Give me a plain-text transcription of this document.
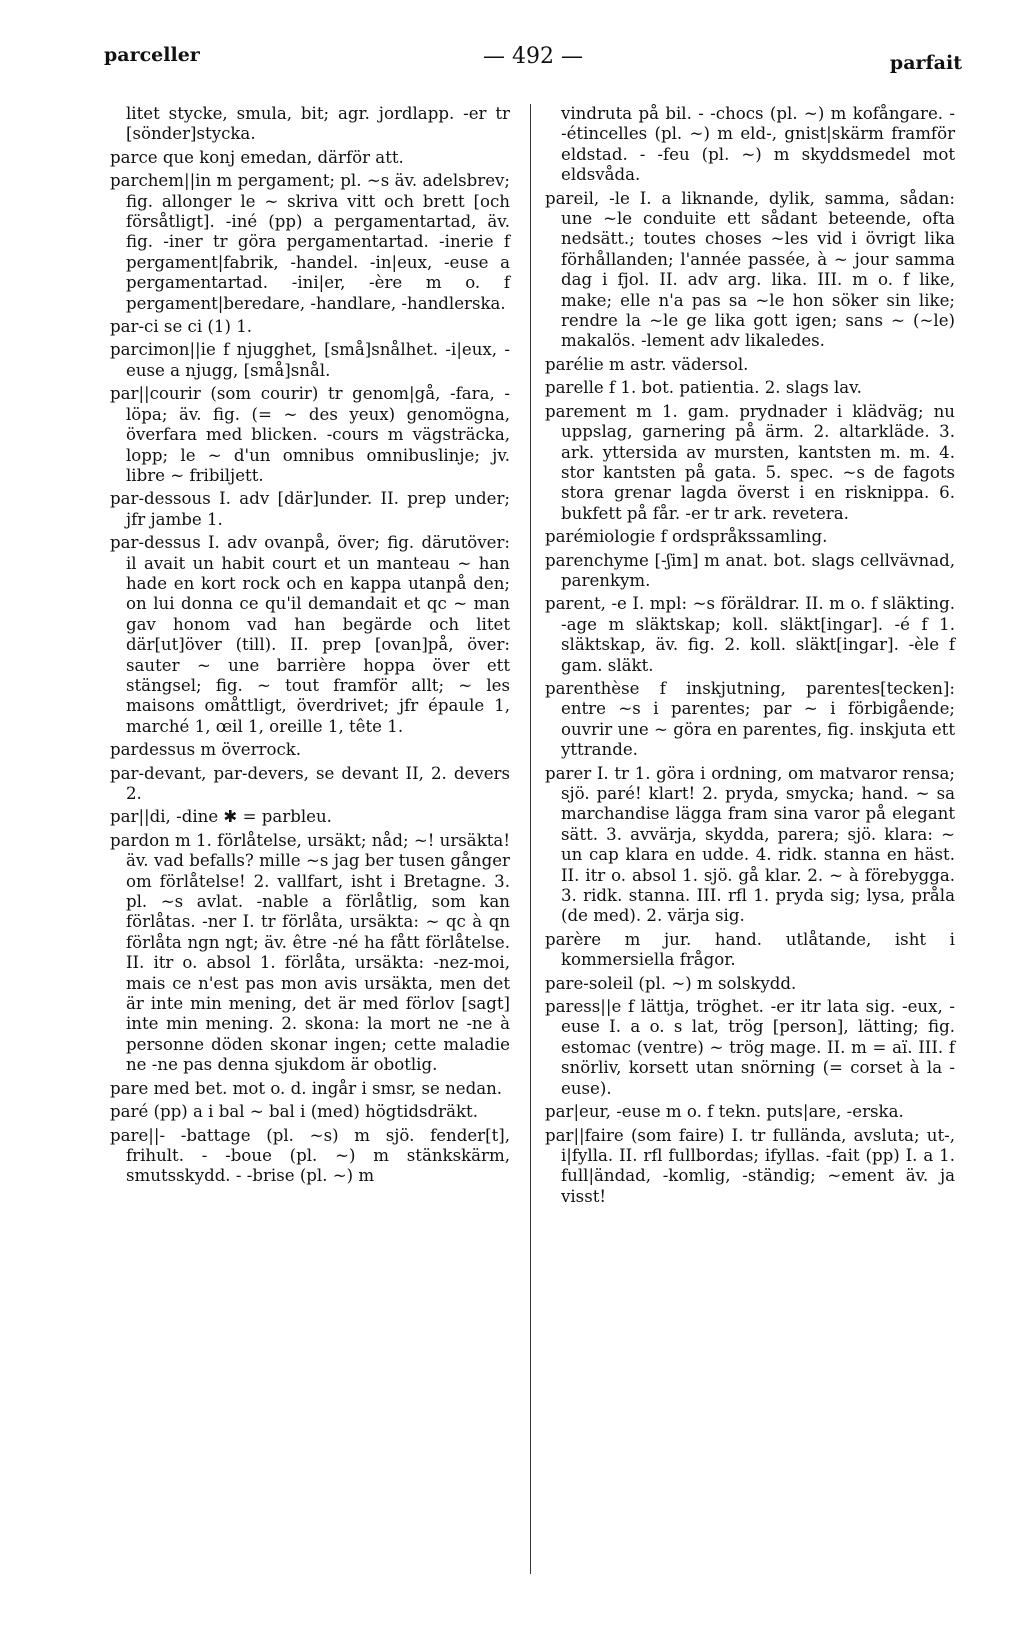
parceller	— 492 —	parfait

litet stycke, smula, bit; agr. jordlapp. -er tr [sönder]stycka.

parce que konj emedan, därför att.

parchem||in m pergament; pl. ~s äv. adelsbrev; fig. allonger le ~ skriva vitt och brett [och försåtligt]. -iné (pp) a pergamentartad, äv. fig. -iner tr göra pergamentartad. -inerie f pergament|fabrik, -handel. -in|eux, -euse a pergamentartad. -ini|er, -ère m o. f pergament|beredare, -handlare, -handlerska.

par-ci se ci (1) 1.

parcimon||ie f njugghet, [små]snålhet. -i|eux, -euse a njugg, [små]snål.

par||courir (som courir) tr genom|gå, -fara, -löpa; äv. fig. (= ~ des yeux) genomögna, överfara med blicken. -cours m vägsträcka, lopp; le ~ d'un omnibus omnibuslinje; jv. libre ~ fribiljett.

par-dessous I. adv [där]under. II. prep under; jfr jambe 1.

par-dessus I. adv ovanpå, över; fig. därutöver: il avait un habit court et un manteau ~ han hade en kort rock och en kappa utanpå den; on lui donna ce qu'il demandait et qc ~ man gav honom vad han begärde och litet där[ut]över (till). II. prep [ovan]på, över: sauter ~ une barrière hoppa över ett stängsel; fig. ~ tout framför allt; ~ les maisons omåttligt, överdrivet; jfr épaule 1, marché 1, œil 1, oreille 1, tête 1.

pardessus m överrock.

par-devant, par-devers, se devant II, 2. devers 2.

par||di, -dine ✱ = parbleu.

pardon m 1. förlåtelse, ursäkt; nåd; ~! ursäkta! äv. vad befalls? mille ~s jag ber tusen gånger om förlåtelse! 2. vallfart, isht i Bretagne. 3. pl. ~s avlat. -nable a förlåtlig, som kan förlåtas. -ner I. tr förlåta, ursäkta: ~ qc à qn förlåta ngn ngt; äv. être -né ha fått förlåtelse. II. itr o. absol 1. förlåta, ursäkta: -nez-moi, mais ce n'est pas mon avis ursäkta, men det är inte min mening, det är med förlov [sagt] inte min mening. 2. skona: la mort ne -ne à personne döden skonar ingen; cette maladie ne -ne pas denna sjukdom är obotlig.

pare med bet. mot o. d. ingår i smsr, se nedan.

paré (pp) a i bal ~ bal i (med) högtidsdräkt.

pare||- -battage (pl. ~s) m sjö. fender[t], frihult. - -boue (pl. ~) m stänkskärm, smutsskydd. - -brise (pl. ~) m

vindruta på bil. - -chocs (pl. ~) m kofångare. - -étincelles (pl. ~) m eld-, gnist|skärm framför eldstad. - -feu (pl. ~) m skyddsmedel mot eldsvåda.

pareil, -le I. a liknande, dylik, samma, sådan: une ~le conduite ett sådant beteende, ofta nedsätt.; toutes choses ~les vid i övrigt lika förhållanden; l'année passée, à ~ jour samma dag i fjol. II. adv arg. lika. III. m o. f like, make; elle n'a pas sa ~le hon söker sin like; rendre la ~le ge lika gott igen; sans ~ (~le) makalös. -lement adv likaledes.

parélie m astr. vädersol.

parelle f 1. bot. patientia. 2. slags lav.

parement m 1. gam. prydnader i klädväg; nu uppslag, garnering på ärm. 2. altarkläde. 3. ark. yttersida av mursten, kantsten m. m. 4. stor kantsten på gata. 5. spec. ~s de fagots stora grenar lagda överst i en risknippa. 6. bukfett på får. -er tr ark. revetera.

parémiologie f ordspråkssamling.

parenchyme [-ʃim] m anat. bot. slags cellvävnad, parenkym.

parent, -e I. mpl: ~s föräldrar. II. m o. f släkting. -age m släktskap; koll. släkt[ingar]. -é f 1. släktskap, äv. fig. 2. koll. släkt[ingar]. -èle f gam. släkt.

parenthèse f inskjutning, parentes[tecken]: entre ~s i parentes; par ~ i förbigående; ouvrir une ~ göra en parentes, fig. inskjuta ett yttrande.

parer I. tr 1. göra i ordning, om matvaror rensa; sjö. paré! klart! 2. pryda, smycka; hand. ~ sa marchandise lägga fram sina varor på elegant sätt. 3. avvärja, skydda, parera; sjö. klara: ~ un cap klara en udde. 4. ridk. stanna en häst. II. itr o. absol 1. sjö. gå klar. 2. ~ à förebygga. 3. ridk. stanna. III. rfl 1. pryda sig; lysa, pråla (de med). 2. värja sig.

parère m jur. hand. utlåtande, isht i kommersiella frågor.

pare-soleil (pl. ~) m solskydd.

paress||e f lättja, tröghet. -er itr lata sig. -eux, -euse I. a o. s lat, trög [person], lätting; fig. estomac (ventre) ~ trög mage. II. m = aï. III. f snörliv, korsett utan snörning (= corset à la -euse).

par|eur, -euse m o. f tekn. puts|are, -erska.

par||faire (som faire) I. tr fullända, avsluta; ut-, i|fylla. II. rfl fullbordas; ifyllas. -fait (pp) I. a 1. full|ändad, -komlig, -ständig; ~ement äv. ja visst!
